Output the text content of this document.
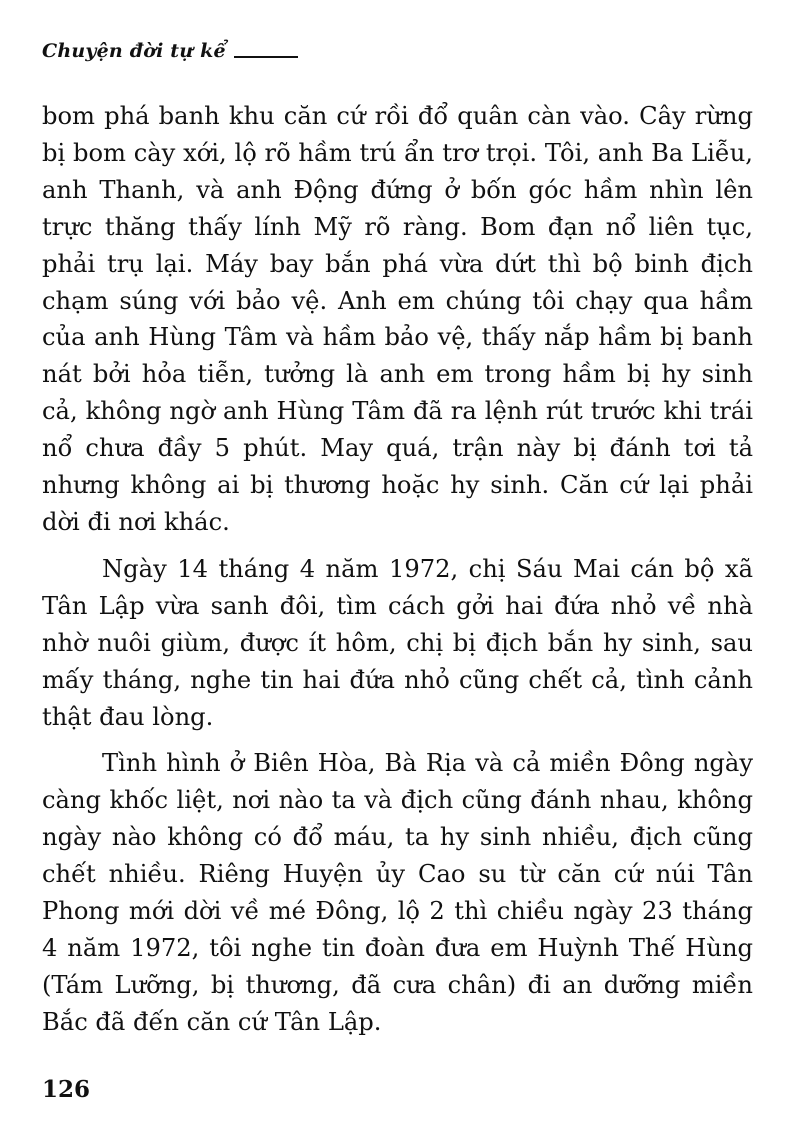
Chuyện đời tự kể

bom phá banh khu căn cứ rồi đổ quân càn vào. Cây rừng bị bom cày xới, lộ rõ hầm trú ẩn trơ trọi. Tôi, anh Ba Liễu, anh Thanh, và anh Động đứng ở bốn góc hầm nhìn lên trực thăng thấy lính Mỹ rõ ràng. Bom đạn nổ liên tục, phải trụ lại. Máy bay bắn phá vừa dứt thì bộ binh địch chạm súng với bảo vệ. Anh em chúng tôi chạy qua hầm của anh Hùng Tâm và hầm bảo vệ, thấy nắp hầm bị banh nát bởi hỏa tiễn, tưởng là anh em trong hầm bị hy sinh cả, không ngờ anh Hùng Tâm đã ra lệnh rút trước khi trái nổ chưa đầy 5 phút. May quá, trận này bị đánh tơi tả nhưng không ai bị thương hoặc hy sinh. Căn cứ lại phải dời đi nơi khác.

Ngày 14 tháng 4 năm 1972, chị Sáu Mai cán bộ xã Tân Lập vừa sanh đôi, tìm cách gởi hai đứa nhỏ về nhà nhờ nuôi giùm, được ít hôm, chị bị địch bắn hy sinh, sau mấy tháng, nghe tin hai đứa nhỏ cũng chết cả, tình cảnh thật đau lòng.

Tình hình ở Biên Hòa, Bà Rịa và cả miền Đông ngày càng khốc liệt, nơi nào ta và địch cũng đánh nhau, không ngày nào không có đổ máu, ta hy sinh nhiều, địch cũng chết nhiều. Riêng Huyện ủy Cao su từ căn cứ núi Tân Phong mới dời về mé Đông, lộ 2 thì chiều ngày 23 tháng 4 năm 1972, tôi nghe tin đoàn đưa em Huỳnh Thế Hùng (Tám Lưỡng, bị thương, đã cưa chân) đi an dưỡng miền Bắc đã đến căn cứ Tân Lập.

126
